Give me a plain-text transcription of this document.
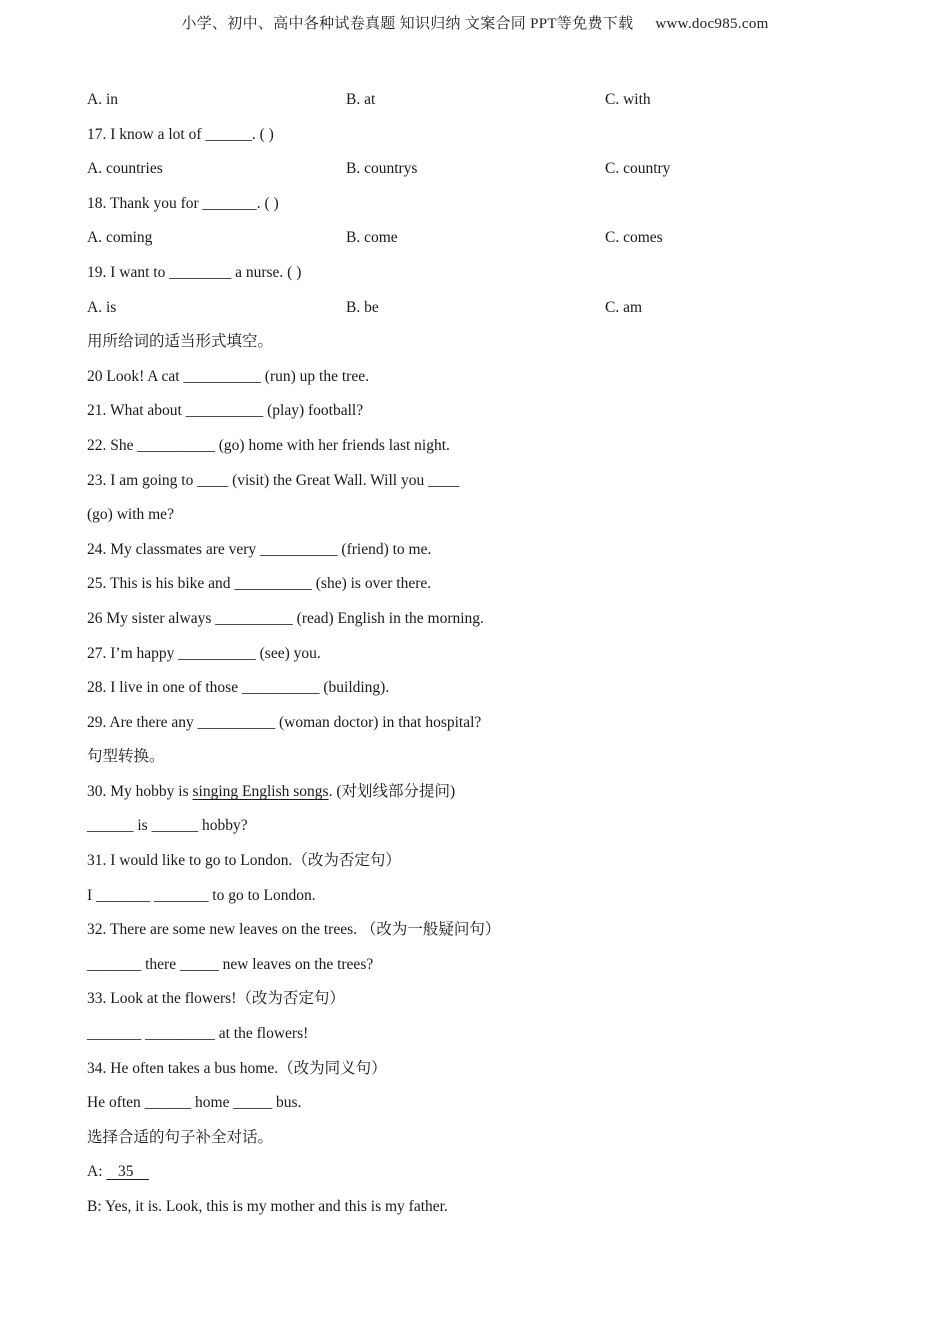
小学、初中、高中各种试卷真题 知识归纳 文案合同 PPT等免费下载 www.doc985.com
A. in	B. at	C. with
17. I know a lot of ______. ( )
A. countries	B. countrys	C. country
18. Thank you for _______. ( )
A. coming	B. come	C. comes
19. I want to ________ a nurse. ( )
A. is	B. be	C. am
用所给词的适当形式填空。
20 Look! A cat __________ (run) up the tree.
21. What about __________ (play) football?
22. She __________ (go) home with her friends last night.
23. I am going to ____ (visit) the Great Wall. Will you ____
(go) with me?
24. My classmates are very __________ (friend) to me.
25. This is his bike and __________ (she) is over there.
26 My sister always __________ (read) English in the morning.
27. I’m happy __________ (see) you.
28. I live in one of those __________ (building).
29. Are there any __________ (woman doctor) in that hospital?
句型转换。
30. My hobby is singing English songs. (对划线部分提问)
______ is ______ hobby?
31. I would like to go to London.（改为否定句）
I _______ _______ to go to London.
32. There are some new leaves on the trees. （改为一般疑问句）
_______ there _____ new leaves on the trees?
33. Look at the flowers!（改为否定句）
_______ _________ at the flowers!
34. He often takes a bus home.（改为同义句）
He often ______ home _____ bus.
选择合适的句子补全对话。
A:    35
B: Yes, it is. Look, this is my mother and this is my father.
